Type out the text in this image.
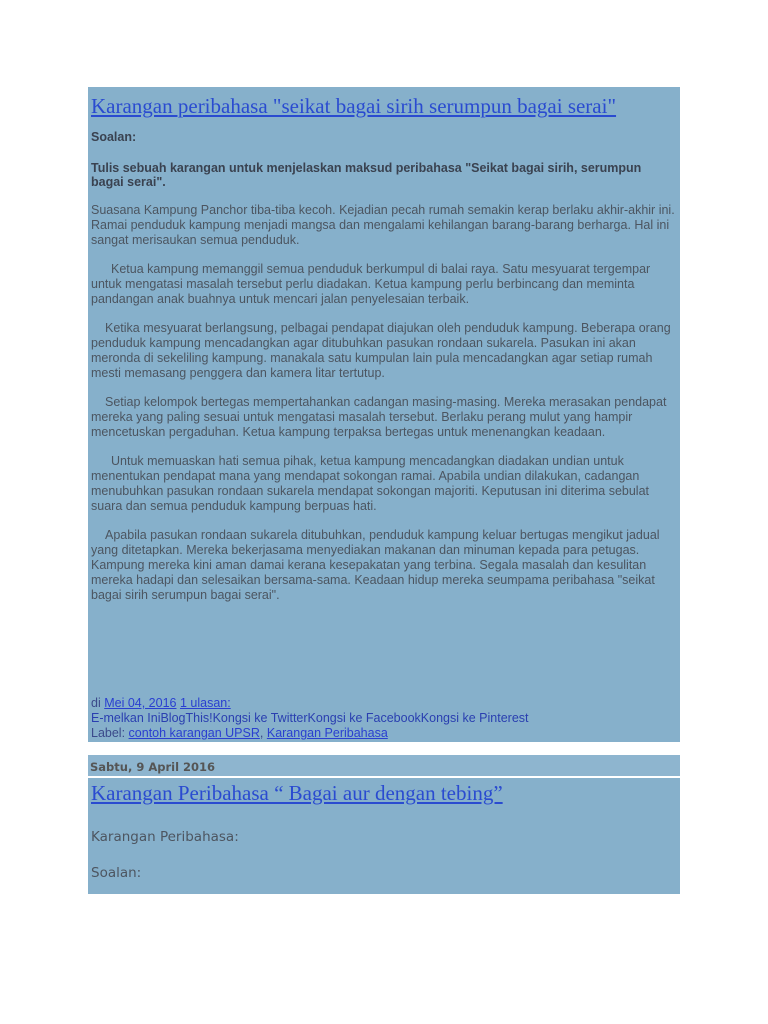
Karangan peribahasa "seikat bagai sirih serumpun bagai serai"
Soalan:
Tulis sebuah karangan untuk menjelaskan maksud peribahasa "Seikat bagai sirih, serumpun bagai serai".
Suasana Kampung Panchor tiba-tiba kecoh. Kejadian pecah rumah semakin kerap berlaku akhir-akhir ini. Ramai penduduk kampung menjadi mangsa dan mengalami kehilangan barang-barang berharga. Hal ini sangat merisaukan semua penduduk.
Ketua kampung memanggil semua penduduk berkumpul di balai raya. Satu mesyuarat tergempar untuk mengatasi masalah tersebut perlu diadakan. Ketua kampung perlu berbincang dan meminta pandangan anak buahnya untuk mencari jalan penyelesaian terbaik.
Ketika mesyuarat berlangsung, pelbagai pendapat diajukan oleh penduduk kampung. Beberapa orang penduduk kampung mencadangkan agar ditubuhkan pasukan rondaan sukarela. Pasukan ini akan meronda di sekeliling kampung. manakala satu kumpulan lain pula mencadangkan agar setiap rumah mesti memasang penggera dan kamera litar tertutup.
Setiap kelompok bertegas mempertahankan cadangan masing-masing. Mereka merasakan pendapat mereka yang paling sesuai untuk mengatasi masalah tersebut. Berlaku perang mulut yang hampir mencetuskan pergaduhan. Ketua kampung terpaksa bertegas untuk menenangkan keadaan.
Untuk memuaskan hati semua pihak, ketua kampung mencadangkan diadakan undian untuk menentukan pendapat mana yang mendapat sokongan ramai. Apabila undian dilakukan, cadangan menubuhkan pasukan rondaan sukarela mendapat sokongan majoriti. Keputusan ini diterima sebulat suara dan semua penduduk kampung berpuas hati.
Apabila pasukan rondaan sukarela ditubuhkan, penduduk kampung keluar bertugas mengikut jadual yang ditetapkan. Mereka bekerjasama menyediakan makanan dan minuman kepada para petugas. Kampung mereka kini aman damai kerana kesepakatan yang terbina. Segala masalah dan kesulitan mereka hadapi dan selesaikan bersama-sama. Keadaan hidup mereka seumpama peribahasa "seikat bagai sirih serumpun bagai serai".
di Mei 04, 2016 1 ulasan:
E-melkan IniBlogThis!Kongsi ke TwitterKongsi ke FacebookKongsi ke Pinterest
Label: contoh karangan UPSR, Karangan Peribahasa
Sabtu, 9 April 2016
Karangan Peribahasa “ Bagai aur dengan tebing”
Karangan Peribahasa:
Soalan:
